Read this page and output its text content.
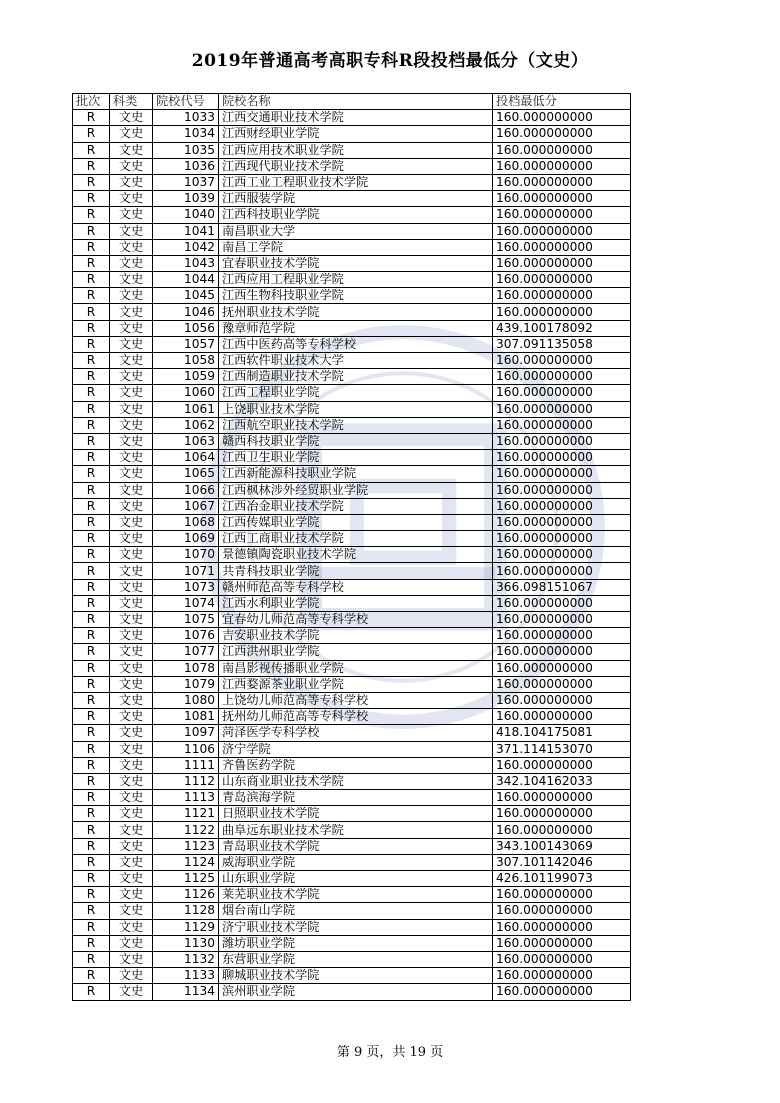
2019年普通高考高职专科R段投档最低分（文史）
批次	科类	院校代号	院校名称	投档最低分
R	文史	1033	江西交通职业技术学院	160.000000000
R	文史	1034	江西财经职业学院	160.000000000
R	文史	1035	江西应用技术职业学院	160.000000000
R	文史	1036	江西现代职业技术学院	160.000000000
R	文史	1037	江西工业工程职业技术学院	160.000000000
R	文史	1039	江西服装学院	160.000000000
R	文史	1040	江西科技职业学院	160.000000000
R	文史	1041	南昌职业大学	160.000000000
R	文史	1042	南昌工学院	160.000000000
R	文史	1043	宜春职业技术学院	160.000000000
R	文史	1044	江西应用工程职业学院	160.000000000
R	文史	1045	江西生物科技职业学院	160.000000000
R	文史	1046	抚州职业技术学院	160.000000000
R	文史	1056	豫章师范学院	439.100178092
R	文史	1057	江西中医药高等专科学校	307.091135058
R	文史	1058	江西软件职业技术大学	160.000000000
R	文史	1059	江西制造职业技术学院	160.000000000
R	文史	1060	江西工程职业学院	160.000000000
R	文史	1061	上饶职业技术学院	160.000000000
R	文史	1062	江西航空职业技术学院	160.000000000
R	文史	1063	赣西科技职业学院	160.000000000
R	文史	1064	江西卫生职业学院	160.000000000
R	文史	1065	江西新能源科技职业学院	160.000000000
R	文史	1066	江西枫林涉外经贸职业学院	160.000000000
R	文史	1067	江西冶金职业技术学院	160.000000000
R	文史	1068	江西传媒职业学院	160.000000000
R	文史	1069	江西工商职业技术学院	160.000000000
R	文史	1070	景德镇陶瓷职业技术学院	160.000000000
R	文史	1071	共青科技职业学院	160.000000000
R	文史	1073	赣州师范高等专科学校	366.098151067
R	文史	1074	江西水利职业学院	160.000000000
R	文史	1075	宜春幼儿师范高等专科学校	160.000000000
R	文史	1076	吉安职业技术学院	160.000000000
R	文史	1077	江西洪州职业学院	160.000000000
R	文史	1078	南昌影视传播职业学院	160.000000000
R	文史	1079	江西婺源茶业职业学院	160.000000000
R	文史	1080	上饶幼儿师范高等专科学校	160.000000000
R	文史	1081	抚州幼儿师范高等专科学校	160.000000000
R	文史	1097	菏泽医学专科学校	418.104175081
R	文史	1106	济宁学院	371.114153070
R	文史	1111	齐鲁医药学院	160.000000000
R	文史	1112	山东商业职业技术学院	342.104162033
R	文史	1113	青岛滨海学院	160.000000000
R	文史	1121	日照职业技术学院	160.000000000
R	文史	1122	曲阜远东职业技术学院	160.000000000
R	文史	1123	青岛职业技术学院	343.100143069
R	文史	1124	威海职业学院	307.101142046
R	文史	1125	山东职业学院	426.101199073
R	文史	1126	莱芜职业技术学院	160.000000000
R	文史	1128	烟台南山学院	160.000000000
R	文史	1129	济宁职业技术学院	160.000000000
R	文史	1130	潍坊职业学院	160.000000000
R	文史	1132	东营职业学院	160.000000000
R	文史	1133	聊城职业技术学院	160.000000000
R	文史	1134	滨州职业学院	160.000000000
第 9 页，共 19 页
